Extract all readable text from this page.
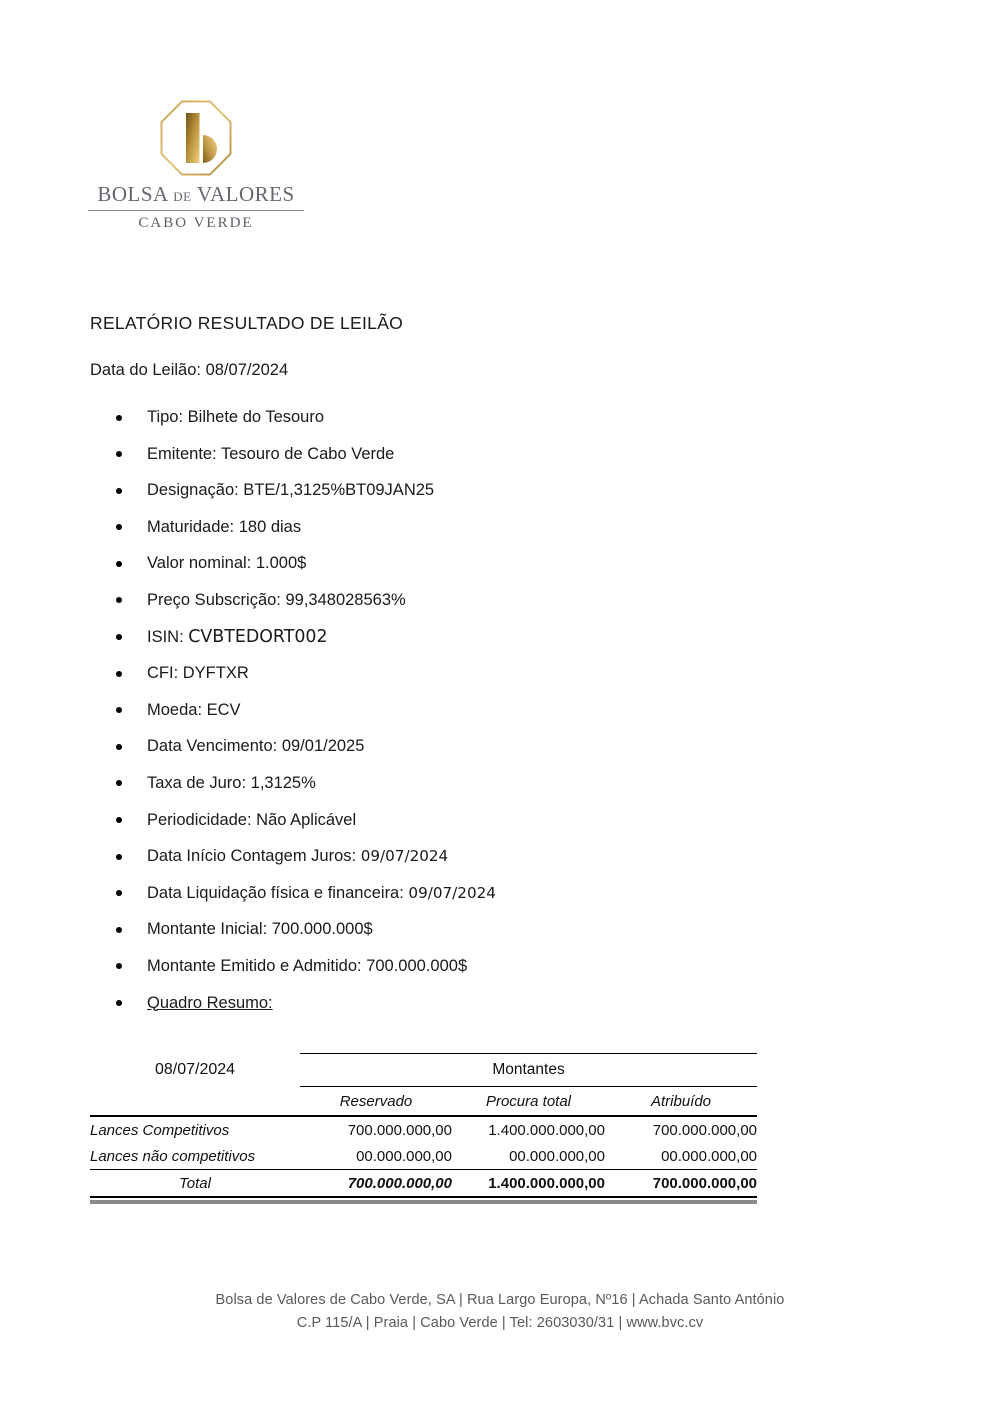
BOLSA DE VALORES
CABO VERDE
RELATÓRIO RESULTADO DE LEILÃO

Data do Leilão: 08/07/2024

Tipo: Bilhete do Tesouro
Emitente: Tesouro de Cabo Verde
Designação: BTE/1,3125%BT09JAN25
Maturidade: 180 dias
Valor nominal: 1.000$
Preço Subscrição: 99,348028563%
ISIN: CVBTEDORT002
CFI: DYFTXR
Moeda: ECV
Data Vencimento: 09/01/2025
Taxa de Juro: 1,3125%
Periodicidade: Não Aplicável
Data Início Contagem Juros: 09/07/2024
Data Liquidação física e financeira: 09/07/2024
Montante Inicial: 700.000.000$
Montante Emitido e Admitido: 700.000.000$
Quadro Resumo:
08/07/2024	Montantes		
	Reservado	Procura total	Atribuído
Lances Competitivos	700.000.000,00	1.400.000.000,00	700.000.000,00
Lances não competitivos	00.000.000,00	00.000.000,00	00.000.000,00
Total	700.000.000,00	1.400.000.000,00	700.000.000,00
Bolsa de Valores de Cabo Verde, SA | Rua Largo Europa, Nº16 | Achada Santo António
C.P 115/A | Praia | Cabo Verde | Tel: 2603030/31 | www.bvc.cv
